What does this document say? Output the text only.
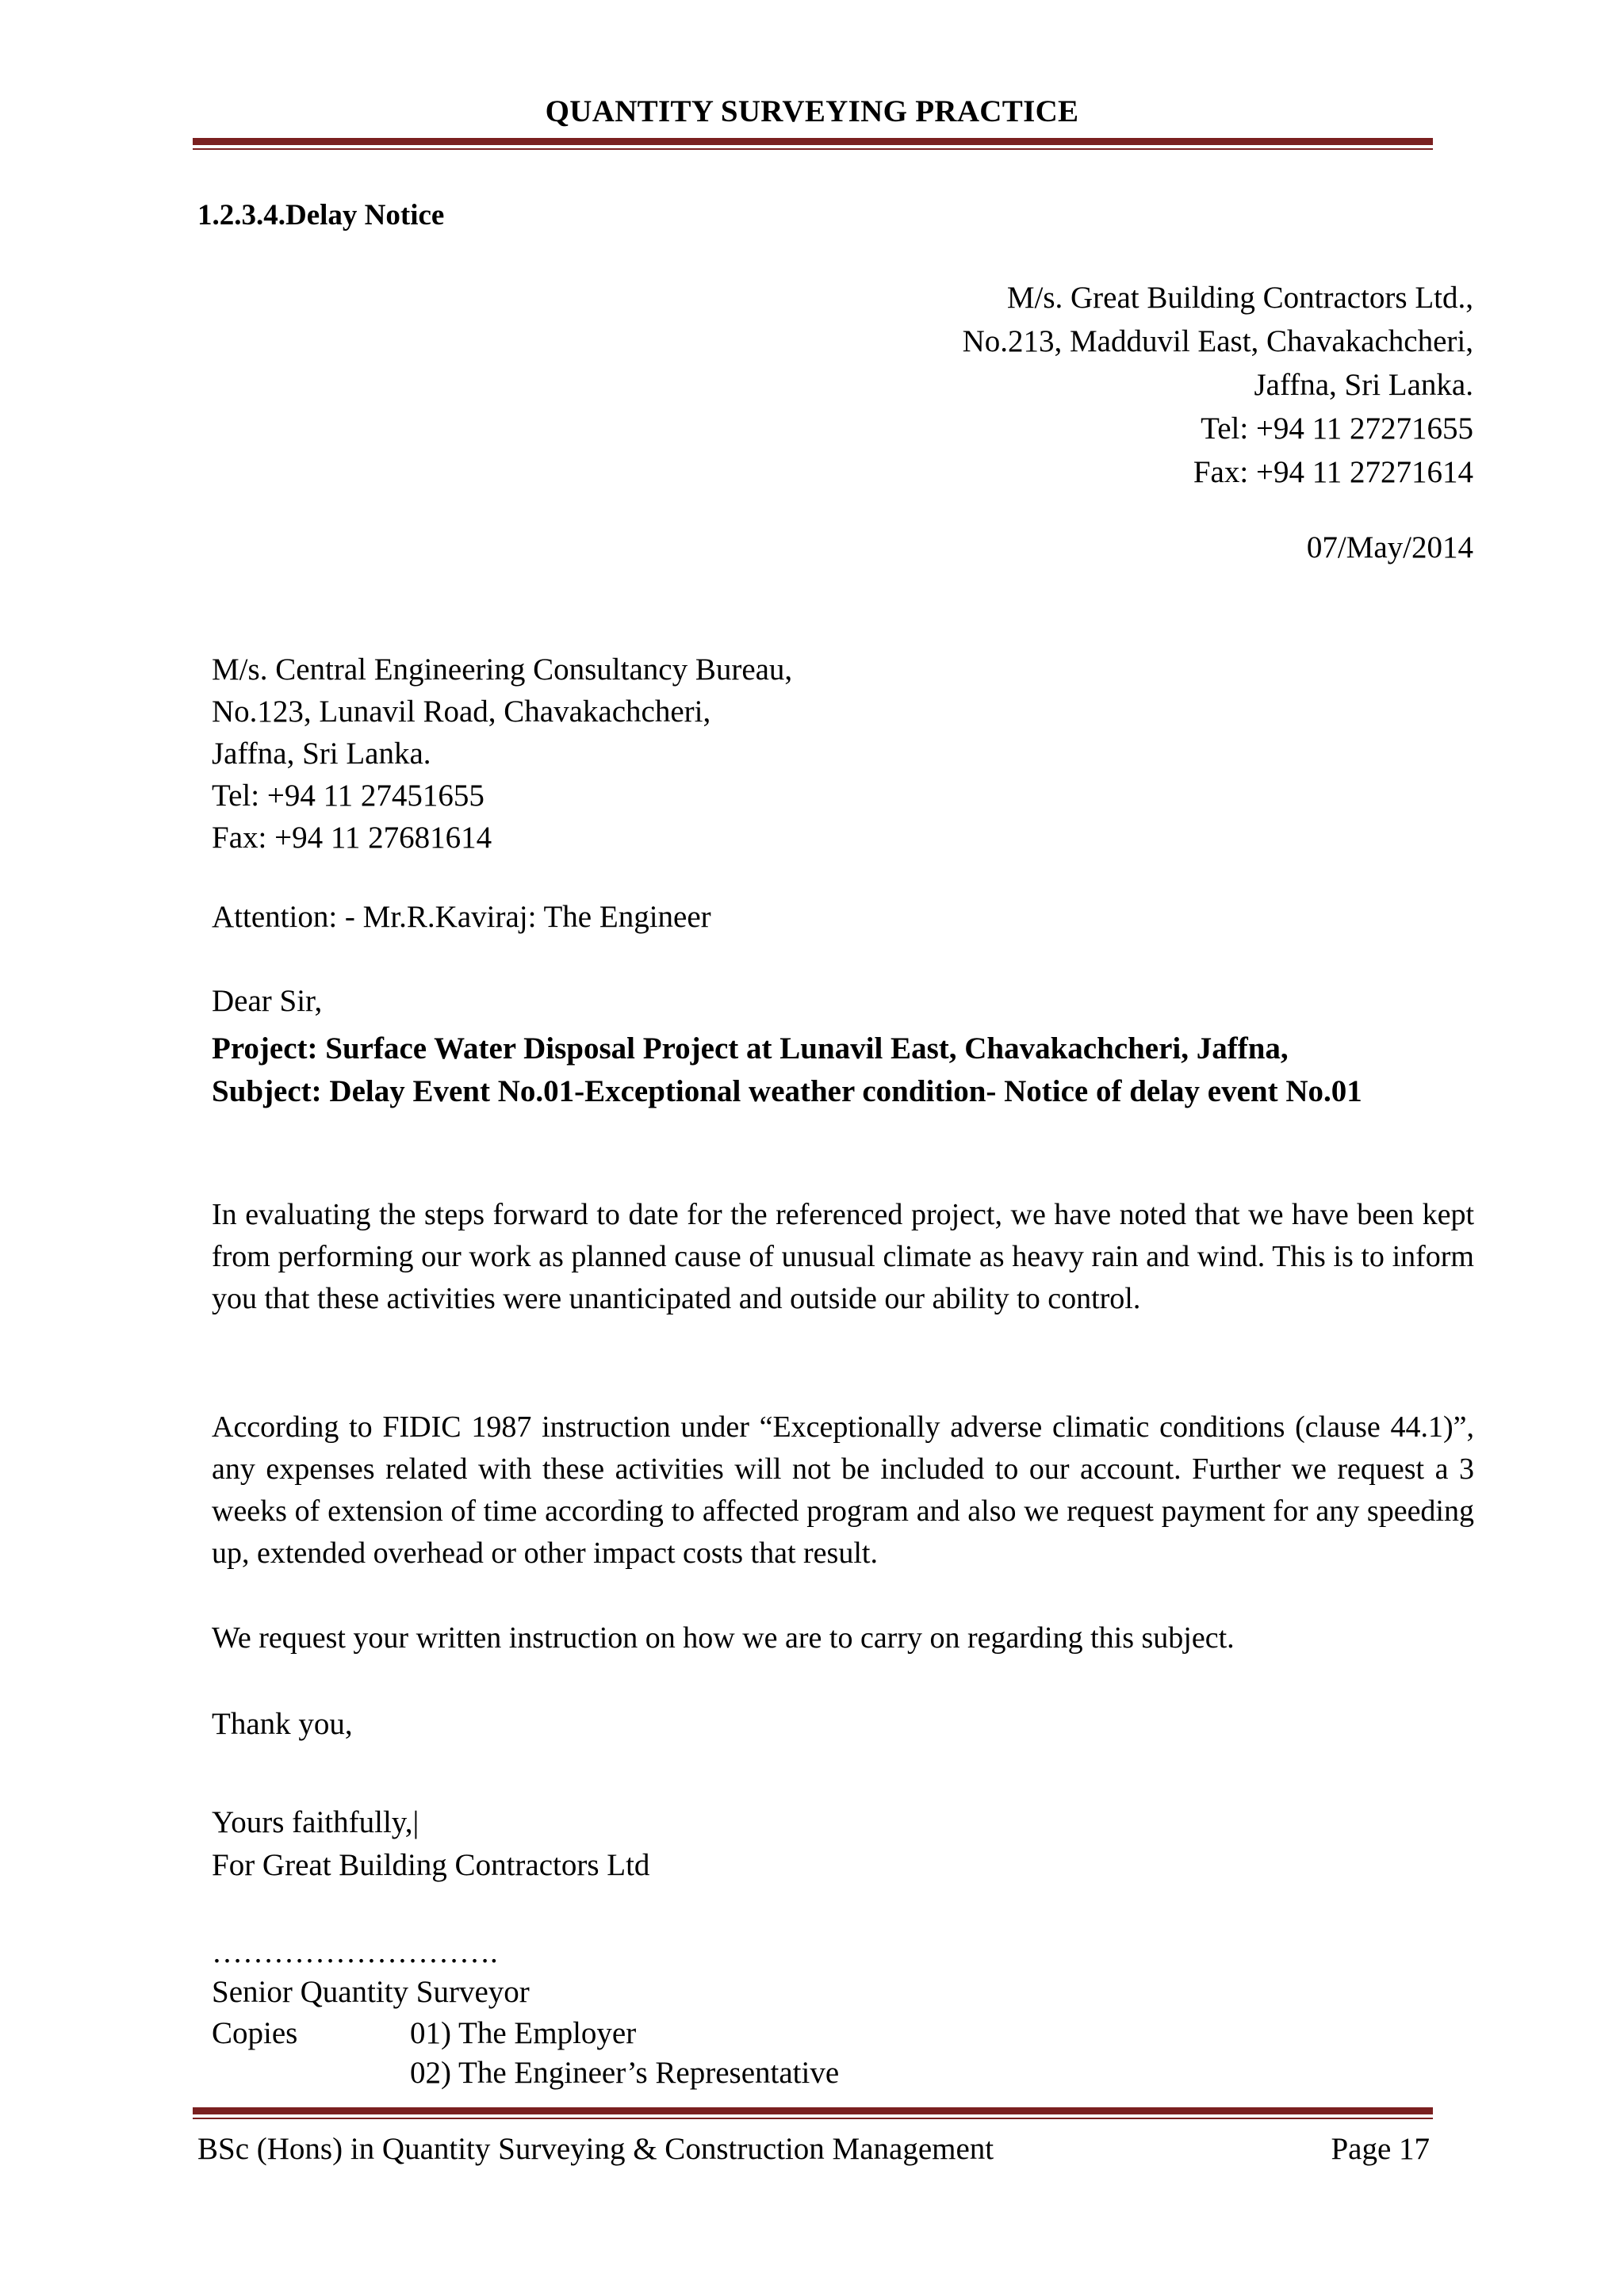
QUANTITY SURVEYING PRACTICE
1.2.3.4.Delay Notice
M/s. Great Building Contractors Ltd.,
No.213, Madduvil East, Chavakachcheri,
Jaffna, Sri Lanka.
Tel: +94 11 27271655
Fax: +94 11 27271614
07/May/2014
M/s. Central Engineering Consultancy Bureau,
No.123, Lunavil Road, Chavakachcheri,
Jaffna, Sri Lanka.
Tel: +94 11 27451655
Fax: +94 11 27681614
Attention: - Mr.R.Kaviraj: The Engineer
Dear Sir,
Project: Surface Water Disposal Project at Lunavil East, Chavakachcheri, Jaffna,
Subject: Delay Event No.01-Exceptional weather condition- Notice of delay event No.01
In evaluating the steps forward to date for the referenced project, we have noted that we have been kept from performing our work as planned cause of unusual climate as heavy rain and wind. This is to inform you that these activities were unanticipated and outside our ability to control.
According to FIDIC 1987 instruction under “Exceptionally adverse climatic conditions (clause 44.1)”, any expenses related with these activities will not be included to our account. Further we request a 3 weeks of extension of time according to affected program and also we request payment for any speeding up, extended overhead or other impact costs that result.
We request your written instruction on how we are to carry on regarding this subject.
Thank you,
Yours faithfully,|
For Great Building Contractors Ltd
……………………….
Senior Quantity Surveyor
Copies	01) The Employer
02) The Engineer’s Representative
BSc (Hons) in Quantity Surveying & Construction Management	Page 17
